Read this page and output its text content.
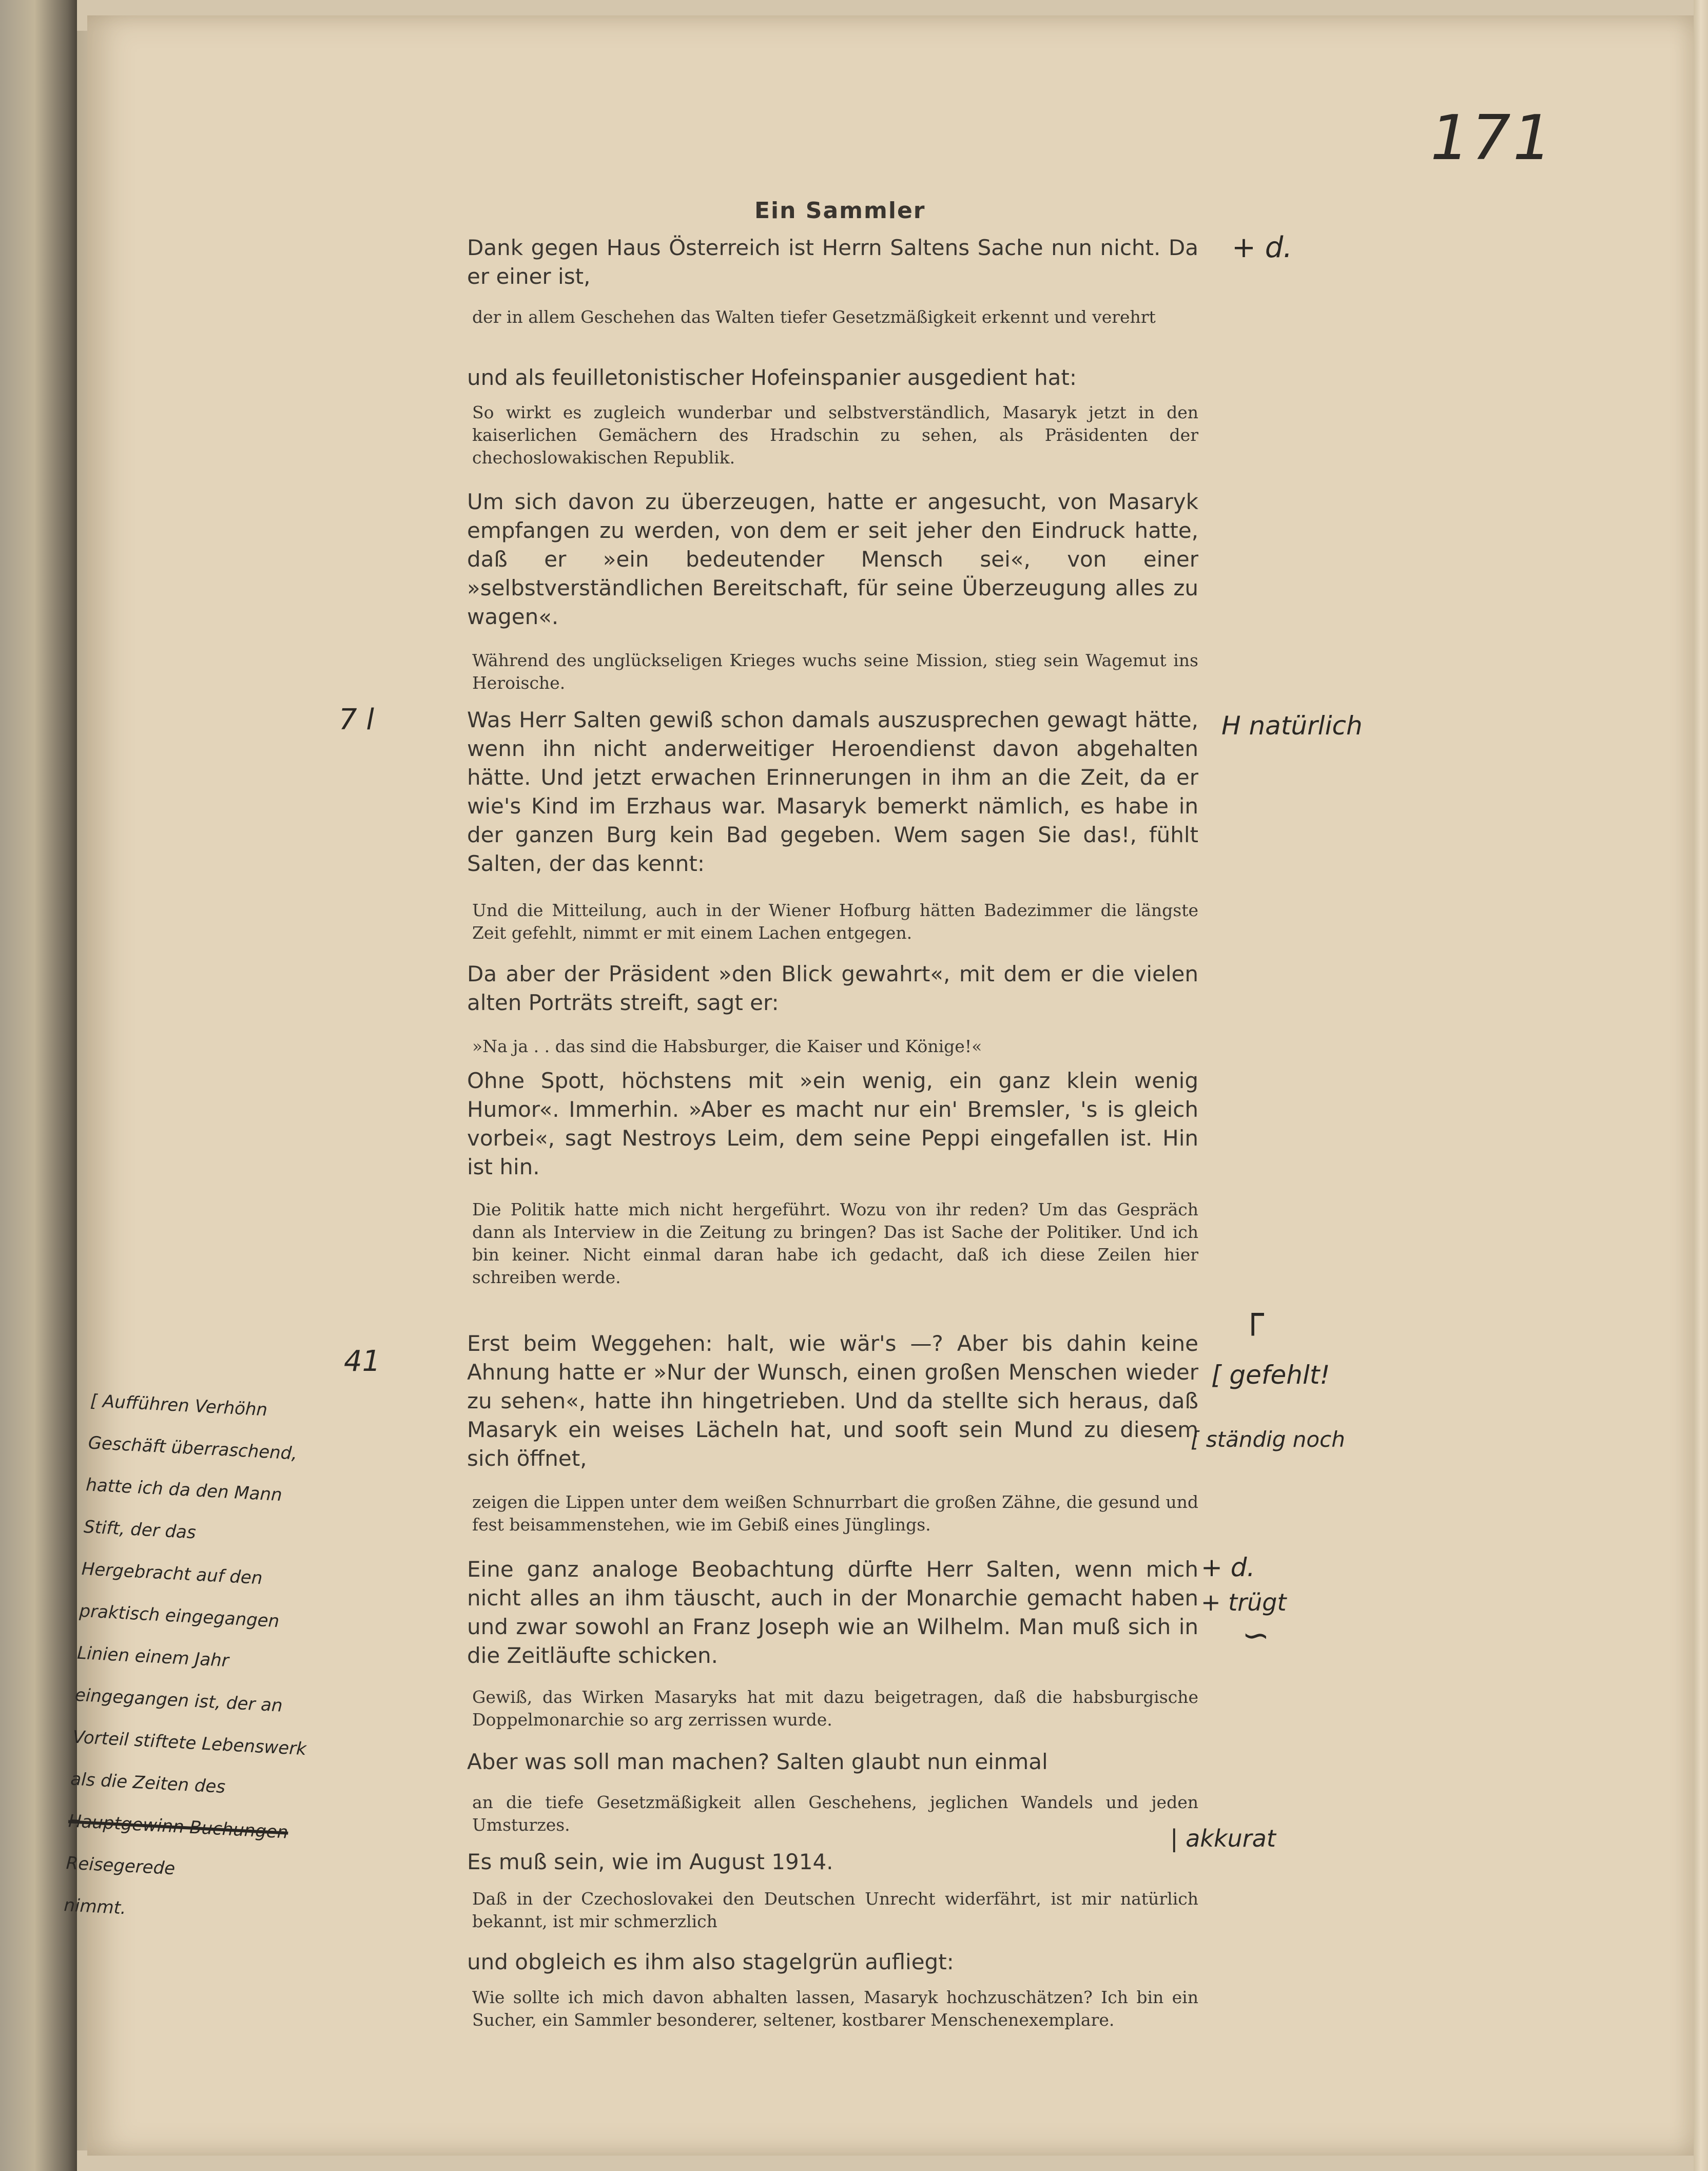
171
Ein Sammler

Dank gegen Haus Österreich ist Herrn Saltens Sache nun nicht. Da er einer ist,

der in allem Geschehen das Walten tiefer Gesetzmäßigkeit erkennt und verehrt

und als feuilletonistischer Hofeinspanier ausgedient hat:

So wirkt es zugleich wunderbar und selbstverständlich, Masaryk jetzt in den kaiserlichen Gemächern des Hradschin zu sehen, als Präsidenten der chechoslowakischen Republik.

Um sich davon zu überzeugen, hatte er angesucht, von Masaryk empfangen zu werden, von dem er seit jeher den Eindruck hatte, daß er »ein bedeutender Mensch sei«, von einer »selbstverständlichen Bereitschaft, für seine Überzeugung alles zu wagen«.

Während des unglückseligen Krieges wuchs seine Mission, stieg sein Wagemut ins Heroische.

Was Herr Salten gewiß schon damals auszusprechen gewagt hätte, wenn ihn nicht anderweitiger Heroendienst davon abgehalten hätte. Und jetzt erwachen Erinnerungen in ihm an die Zeit, da er wie's Kind im Erzhaus war. Masaryk bemerkt nämlich, es habe in der ganzen Burg kein Bad gegeben. Wem sagen Sie das!, fühlt Salten, der das kennt:

Und die Mitteilung, auch in der Wiener Hofburg hätten Badezimmer die längste Zeit gefehlt, nimmt er mit einem Lachen entgegen.

Da aber der Präsident »den Blick gewahrt«, mit dem er die vielen alten Porträts streift, sagt er:

»Na ja . . das sind die Habsburger, die Kaiser und Könige!«

Ohne Spott, höchstens mit »ein wenig, ein ganz klein wenig Humor«. Immerhin. »Aber es macht nur ein' Bremsler, 's is gleich vorbei«, sagt Nestroys Leim, dem seine Peppi eingefallen ist. Hin ist hin.

Die Politik hatte mich nicht hergeführt. Wozu von ihr reden? Um das Gespräch dann als Interview in die Zeitung zu bringen? Das ist Sache der Politiker. Und ich bin keiner. Nicht einmal daran habe ich gedacht, daß ich diese Zeilen hier schreiben werde.

Erst beim Weggehen: halt, wie wär's —? Aber bis dahin keine Ahnung hatte er »Nur der Wunsch, einen großen Menschen wieder zu sehen«, hatte ihn hingetrieben. Und da stellte sich heraus, daß Masaryk ein weises Lächeln hat, und sooft sein Mund zu diesem sich öffnet,

zeigen die Lippen unter dem weißen Schnurrbart die großen Zähne, die gesund und fest beisammenstehen, wie im Gebiß eines Jünglings.

Eine ganz analoge Beobachtung dürfte Herr Salten, wenn mich nicht alles an ihm täuscht, auch in der Monarchie gemacht haben und zwar sowohl an Franz Joseph wie an Wilhelm. Man muß sich in die Zeitläufte schicken.

Gewiß, das Wirken Masaryks hat mit dazu beigetragen, daß die habsburgische Doppelmonarchie so arg zerrissen wurde.

Aber was soll man machen? Salten glaubt nun einmal

an die tiefe Gesetzmäßigkeit allen Geschehens, jeglichen Wandels und jeden Umsturzes.

Es muß sein, wie im August 1914.

Daß in der Czechoslovakei den Deutschen Unrecht widerfährt, ist mir natürlich bekannt, ist mir schmerzlich

und obgleich es ihm also stagelgrün aufliegt:

Wie sollte ich mich davon abhalten lassen, Masaryk hochzuschätzen? Ich bin ein Sucher, ein Sammler besonderer, seltener, kostbarer Menschenexemplare.

+ d.
7 l	H natürlich
41
┌
[ gefehlt!
[ ständig noch
+ d.
+ trügt
∽
| akkurat
[ Aufführen Verhöhn
Geschäft überraschend,
hatte ich da den Mann
Stift, der das
Hergebracht auf den
praktisch eingegangen
Linien einem Jahr
eingegangen ist, der an
Vorteil stiftete Lebenswerk
als die Zeiten des
Hauptgewinn Buchungen
Reisegerede
nimmt.
